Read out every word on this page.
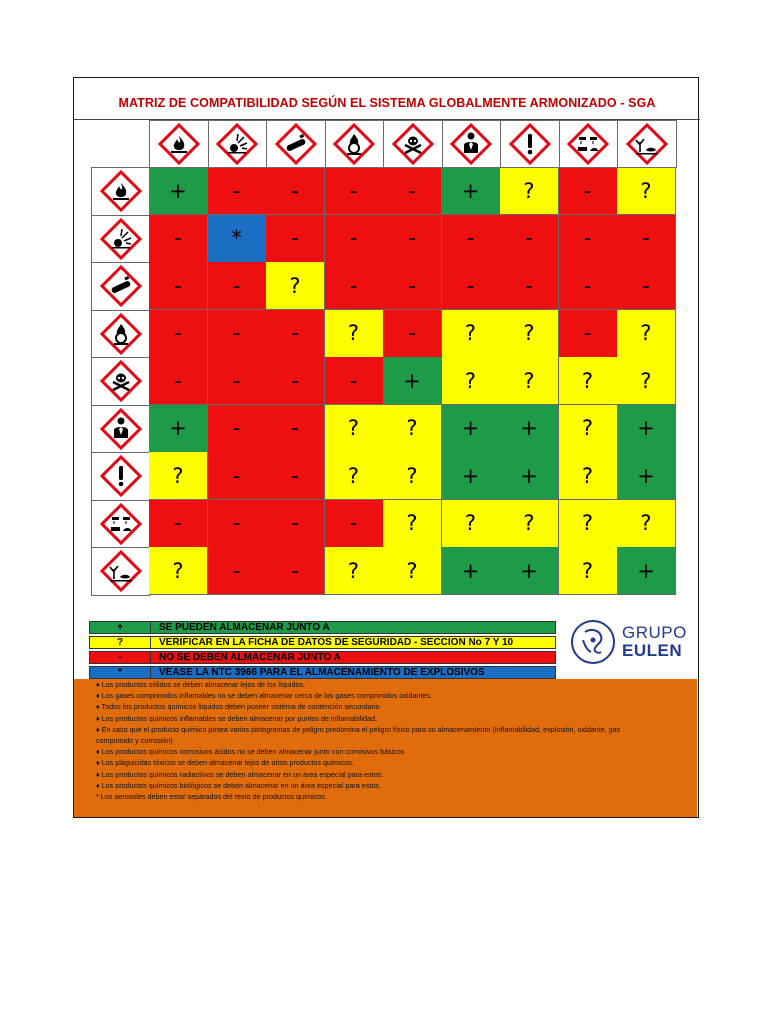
MATRIZ DE COMPATIBILIDAD SEGÚN EL SISTEMA GLOBALMENTE ARMONIZADO - SGA
+	-	-	-	-	+	?	-	?
-	*	-	-	-	-	-	-	-
-	-	?	-	-	-	-	-	-
-	-	-	?	-	?	?	-	?
-	-	-	-	+	?	?	?	?
+	-	-	?	?	+	+	?	+
?	-	-	?	?	+	+	?	+
-	-	-	-	?	?	?	?	?
?	-	-	?	?	+	+	?	+
+	SE PUEDEN ALMACENAR JUNTO A
?	VERIFICAR EN LA FICHA DE DATOS DE SEGURIDAD - SECCION No 7 Y 10
-	NO SE DEBEN ALMACENAR JUNTO A
*	VEASE LA NTC 3966 PARA EL ALMACENAMIENTO DE EXPLOSIVOS
GRUPO
EULEN
♦ Los productos sólidos se deben almacenar lejos de los líquidos.
♦ Los gases comprimidos inflamables no se deben almacenar cerca de los gases comprimidos oxidantes.
♦ Todos los productos químicos líquidos deben poseer sistema de contención secundario
♦ Los productos químicos inflamables se deben almacenar por puntos de inflamabilidad.
♦ En caso que el producto químico posea varios pictogramas de peligro predomina el peligro físico para su almacenamiento (Inflamabilidad, explosión, oxidante, gas comprimido y corrosión)
♦ Los productos químicos corrosivos ácidos no se deben almacenar junto con corrosivos básicos
♦ Los plaguicidas tóxicos se deben almacenar lejos de otros productos químicos.
♦ Los productos químicos radiactivos se deben almacenar en un área especial para estos.
♦ Los productos químicos biológicos se deben almacenar en un área especial para estos.
* Los aerosoles deben estar separados del resto de productos químicos.
